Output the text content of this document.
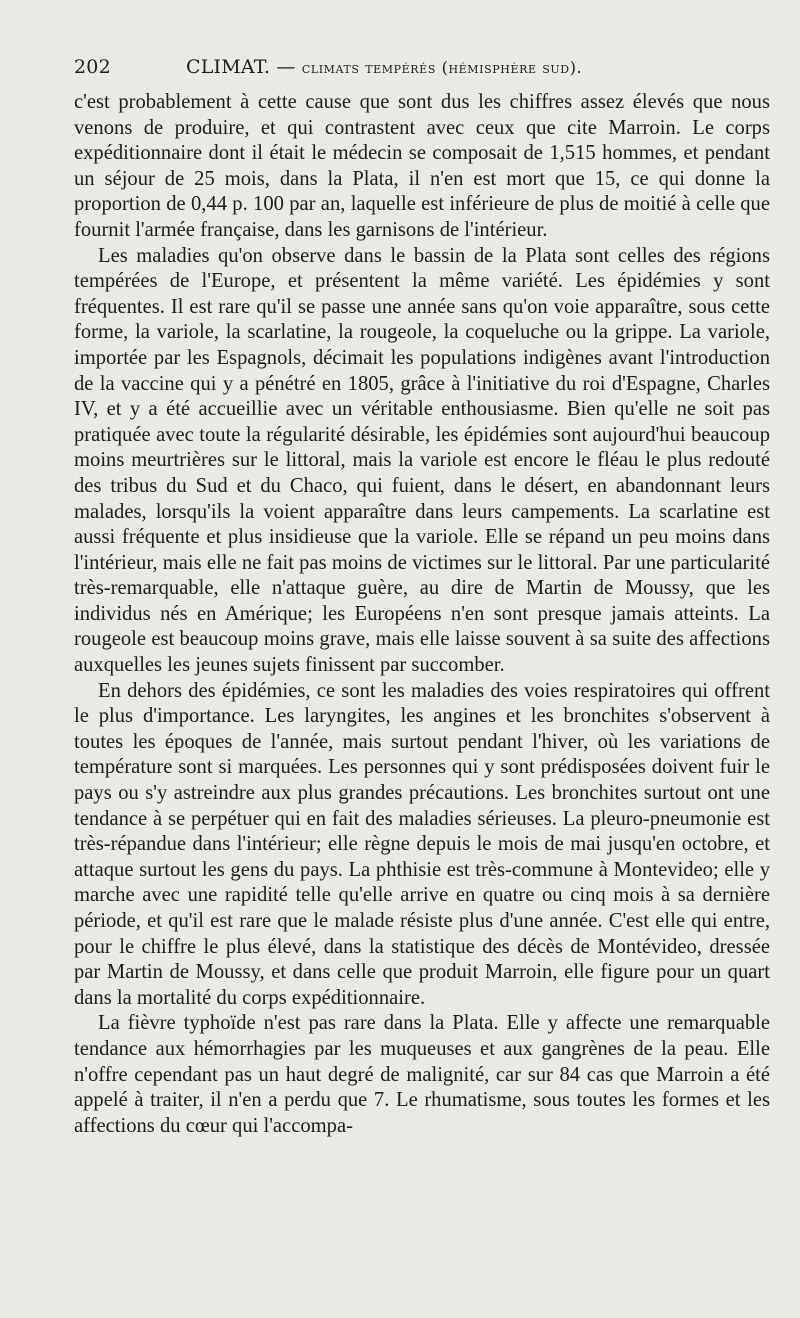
202	CLIMAT. — climats tempérés (hémisphère sud).

c'est probablement à cette cause que sont dus les chiffres assez élevés que nous venons de produire, et qui contrastent avec ceux que cite Marroin. Le corps expéditionnaire dont il était le médecin se composait de 1,515 hommes, et pendant un séjour de 25 mois, dans la Plata, il n'en est mort que 15, ce qui donne la proportion de 0,44 p. 100 par an, laquelle est inférieure de plus de moitié à celle que fournit l'armée française, dans les garnisons de l'intérieur.

Les maladies qu'on observe dans le bassin de la Plata sont celles des régions tempérées de l'Europe, et présentent la même variété. Les épidémies y sont fréquentes. Il est rare qu'il se passe une année sans qu'on voie apparaître, sous cette forme, la variole, la scarlatine, la rougeole, la coqueluche ou la grippe. La variole, importée par les Espagnols, décimait les populations indigènes avant l'introduction de la vaccine qui y a pénétré en 1805, grâce à l'initiative du roi d'Espagne, Charles IV, et y a été accueillie avec un véritable enthousiasme. Bien qu'elle ne soit pas pratiquée avec toute la régularité désirable, les épidémies sont aujourd'hui beaucoup moins meurtrières sur le littoral, mais la variole est encore le fléau le plus redouté des tribus du Sud et du Chaco, qui fuient, dans le désert, en abandonnant leurs malades, lorsqu'ils la voient apparaître dans leurs campements. La scarlatine est aussi fréquente et plus insidieuse que la variole. Elle se répand un peu moins dans l'intérieur, mais elle ne fait pas moins de victimes sur le littoral. Par une particularité très-remarquable, elle n'attaque guère, au dire de Martin de Moussy, que les individus nés en Amérique; les Européens n'en sont presque jamais atteints. La rougeole est beaucoup moins grave, mais elle laisse souvent à sa suite des affections auxquelles les jeunes sujets finissent par succomber.

En dehors des épidémies, ce sont les maladies des voies respiratoires qui offrent le plus d'importance. Les laryngites, les angines et les bronchites s'observent à toutes les époques de l'année, mais surtout pendant l'hiver, où les variations de température sont si marquées. Les personnes qui y sont prédisposées doivent fuir le pays ou s'y astreindre aux plus grandes précautions. Les bronchites surtout ont une tendance à se perpétuer qui en fait des maladies sérieuses. La pleuro-pneumonie est très-répandue dans l'intérieur; elle règne depuis le mois de mai jusqu'en octobre, et attaque surtout les gens du pays. La phthisie est très-commune à Montevideo; elle y marche avec une rapidité telle qu'elle arrive en quatre ou cinq mois à sa dernière période, et qu'il est rare que le malade résiste plus d'une année. C'est elle qui entre, pour le chiffre le plus élevé, dans la statistique des décès de Montévideo, dressée par Martin de Moussy, et dans celle que produit Marroin, elle figure pour un quart dans la mortalité du corps expéditionnaire.

La fièvre typhoïde n'est pas rare dans la Plata. Elle y affecte une remarquable tendance aux hémorrhagies par les muqueuses et aux gangrènes de la peau. Elle n'offre cependant pas un haut degré de malignité, car sur 84 cas que Marroin a été appelé à traiter, il n'en a perdu que 7. Le rhumatisme, sous toutes les formes et les affections du cœur qui l'accompa-
